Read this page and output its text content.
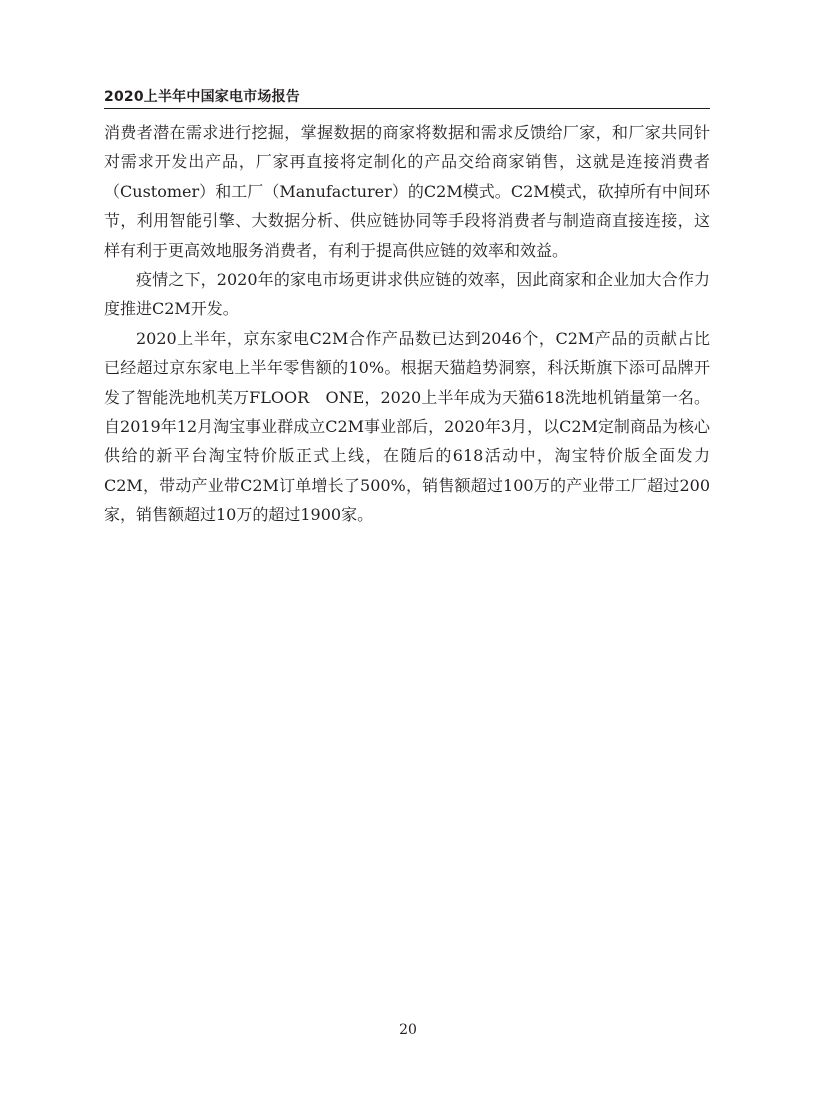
2020上半年中国家电市场报告

消费者潜在需求进行挖掘，掌握数据的商家将数据和需求反馈给厂家，和厂家共同针对需求开发出产品，厂家再直接将定制化的产品交给商家销售，这就是连接消费者（Customer）和工厂（Manufacturer）的C2M模式。C2M模式，砍掉所有中间环节，利用智能引擎、大数据分析、供应链协同等手段将消费者与制造商直接连接，这样有利于更高效地服务消费者，有利于提高供应链的效率和效益。

疫情之下，2020年的家电市场更讲求供应链的效率，因此商家和企业加大合作力度推进C2M开发。

2020上半年，京东家电C2M合作产品数已达到2046个，C2M产品的贡献占比已经超过京东家电上半年零售额的10%。根据天猫趋势洞察，科沃斯旗下添可品牌开发了智能洗地机芙万FLOOR　ONE，2020上半年成为天猫618洗地机销量第一名。自2019年12月淘宝事业群成立C2M事业部后，2020年3月，以C2M定制商品为核心供给的新平台淘宝特价版正式上线，在随后的618活动中，淘宝特价版全面发力C2M，带动产业带C2M订单增长了500%，销售额超过100万的产业带工厂超过200家，销售额超过10万的超过1900家。

20
